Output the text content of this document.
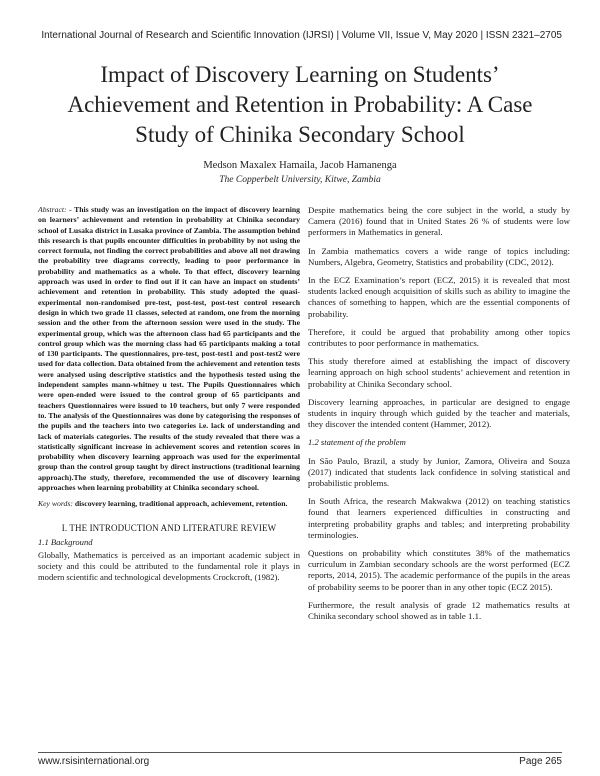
International Journal of Research and Scientific Innovation (IJRSI) | Volume VII, Issue V, May 2020 | ISSN 2321–2705
Impact of Discovery Learning on Students’ Achievement and Retention in Probability: A Case Study of Chinika Secondary School
Medson Maxalex Hamaila, Jacob Hamanenga
The Copperbelt University, Kitwe, Zambia

Abstract: - This study was an investigation on the impact of discovery learning on learners’ achievement and retention in probability at Chinika secondary school of Lusaka district in Lusaka province of Zambia. The assumption behind this research is that pupils encounter difficulties in probability by not using the correct formula, not finding the correct probabilities and above all not drawing the probability tree diagrams correctly, leading to poor performance in probability and mathematics as a whole. To that effect, discovery learning approach was used in order to find out if it can have an impact on students’ achievement and retention in probability. This study adopted the quasi-experimental non-randomised pre-test, post-test, post-test control research design in which two grade 11 classes, selected at random, one from the morning session and the other from the afternoon session were used in the study. The experimental group, which was the afternoon class had 65 participants and the control group which was the morning class had 65 participants making a total of 130 participants. The questionnaires, pre-test, post-test1 and post-test2 were used for data collection. Data obtained from the achievement and retention tests were analysed using descriptive statistics and the hypothesis tested using the independent samples mann-whitney u test. The Pupils Questionnaires which were open-ended were issued to the control group of 65 participants and teachers Questionnaires were issued to 10 teachers, but only 7 were responded to. The analysis of the Questionnaires was done by categorising the responses of the pupils and the teachers into two categories i.e. lack of understanding and lack of materials categories. The results of the study revealed that there was a statistically significant increase in achievement scores and retention scores in probability when discovery learning approach was used for the experimental group than the control group taught by direct instructions (traditional learning approach).The study, therefore, recommended the use of discovery learning approaches when learning probability at Chinika secondary school.

Key words: discovery learning, traditional approach, achievement, retention.

I. THE INTRODUCTION AND LITERATURE REVIEW
1.1 Background

Globally, Mathematics is perceived as an important academic subject in society and this could be attributed to the fundamental role it plays in modern scientific and technological developments Crockcroft, (1982).

Despite mathematics being the core subject in the world, a study by Camera (2016) found that in United States 26 % of students were low performers in Mathematics in general.

In Zambia mathematics covers a wide range of topics including: Numbers, Algebra, Geometry, Statistics and probability (CDC, 2012).

In the ECZ Examination’s report (ECZ, 2015) it is revealed that most students lacked enough acquisition of skills such as ability to imagine the chances of something to happen, which are the essential components of probability.

Therefore, it could be argued that probability among other topics contributes to poor performance in mathematics.

This study therefore aimed at establishing the impact of discovery learning approach on high school students’ achievement and retention in probability at Chinika Secondary school.

Discovery learning approaches, in particular are designed to engage students in inquiry through which guided by the teacher and materials, they discover the intended content (Hammer, 2012).

1.2 statement of the problem

In São Paulo, Brazil, a study by Junior, Zamora, Oliveira and Souza (2017) indicated that students lack confidence in solving statistical and probabilistic problems.

In South Africa, the research Makwakwa (2012) on teaching statistics found that learners experienced difficulties in constructing and interpreting probability graphs and tables; and interpreting probability terminologies.

Questions on probability which constitutes 38% of the mathematics curriculum in Zambian secondary schools are the worst performed (ECZ reports, 2014, 2015). The academic performance of the pupils in the areas of probability seems to be poorer than in any other topic (ECZ 2015).

Furthermore, the result analysis of grade 12 mathematics results at Chinika secondary school showed as in table 1.1.

www.rsisinternational.org	Page 265
